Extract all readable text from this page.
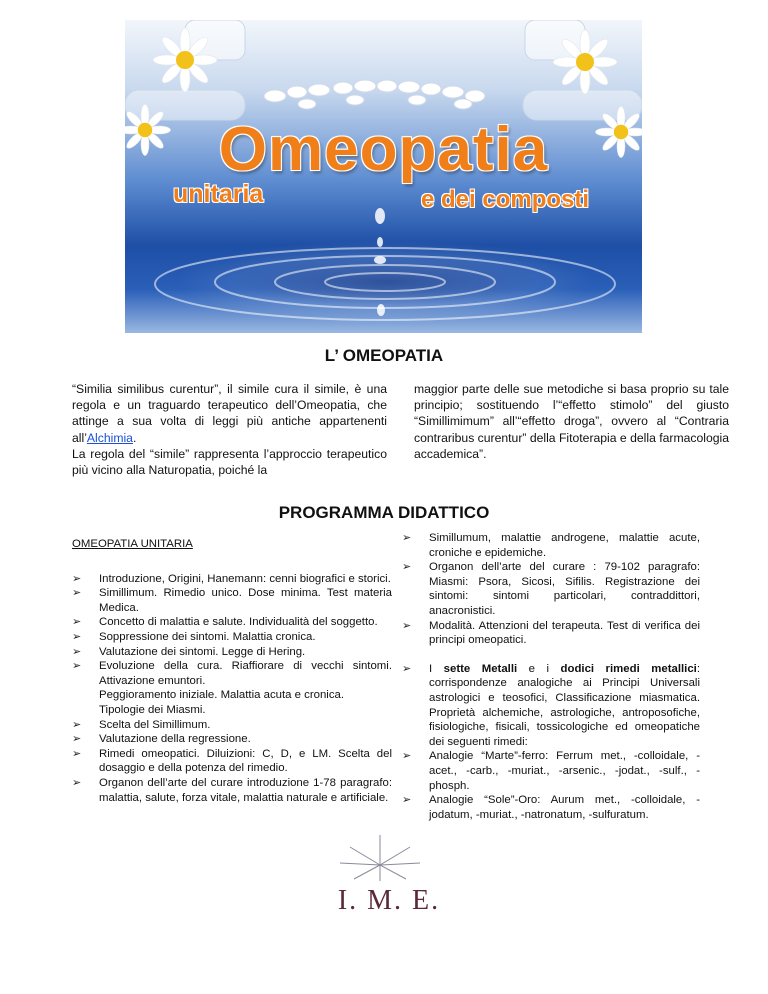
Omeopatia
unitaria	e dei composti
L’ OMEOPATIA
“Similia similibus curentur”, il simile cura il simile, è una regola e un traguardo terapeutico dell’Omeopatia, che attinge a sua volta di leggi più antiche appartenenti all’Alchimia.
La regola del “simile” rappresenta l’approccio terapeutico più vicino alla Naturopatia, poiché la
maggior parte delle sue metodiche si basa proprio su tale principio; sostituendo l’“effetto stimolo” del giusto “Simillimimum” all’“effetto droga”, ovvero al “Contraria contraribus curentur” della Fitoterapia e della farmacologia accademica”.
PROGRAMMA DIDATTICO
OMEOPATIA UNITARIA
➢ Introduzione, Origini, Hanemann: cenni biografici e storici.
➢ Simillimum. Rimedio unico. Dose minima. Test materia Medica.
➢ Concetto di malattia e salute. Individualità del soggetto.
➢ Soppressione dei sintomi. Malattia cronica.
➢ Valutazione dei sintomi. Legge di Hering.
➢ Evoluzione della cura. Riaffiorare di vecchi sintomi. Attivazione emuntori.
Peggioramento iniziale. Malattia acuta e cronica. Tipologie dei Miasmi.
➢ Scelta del Simillimum.
➢ Valutazione della regressione.
➢ Rimedi omeopatici. Diluizioni: C, D, e LM. Scelta del dosaggio e della potenza del rimedio.
➢ Organon dell’arte del curare introduzione 1-78 paragrafo: malattia, salute, forza vitale, malattia naturale e artificiale.
➢ Simillumum, malattie androgene, malattie acute, croniche e epidemiche.
➢ Organon dell’arte del curare : 79-102 paragrafo: Miasmi: Psora, Sicosi, Sifilis. Registrazione dei sintomi: sintomi particolari, contraddittori, anacronistici.
➢ Modalità. Attenzioni del terapeuta. Test di verifica dei principi omeopatici.
➢ I sette Metalli e i dodici rimedi metallici: corrispondenze analogiche ai Principi Universali astrologici e teosofici, Classificazione miasmatica. Proprietà alchemiche, astrologiche, antroposofiche, fisiologiche, fisicali, tossicologiche ed omeopatiche dei seguenti rimedi:
➢ Analogie “Marte”-ferro: Ferrum met., -colloidale, -acet., -carb., -muriat., -arsenic., -jodat., -sulf., -phosph.
➢ Analogie “Sole”-Oro: Aurum met., -colloidale, -jodatum, -muriat., -natronatum, -sulfuratum.
I. M. E.
